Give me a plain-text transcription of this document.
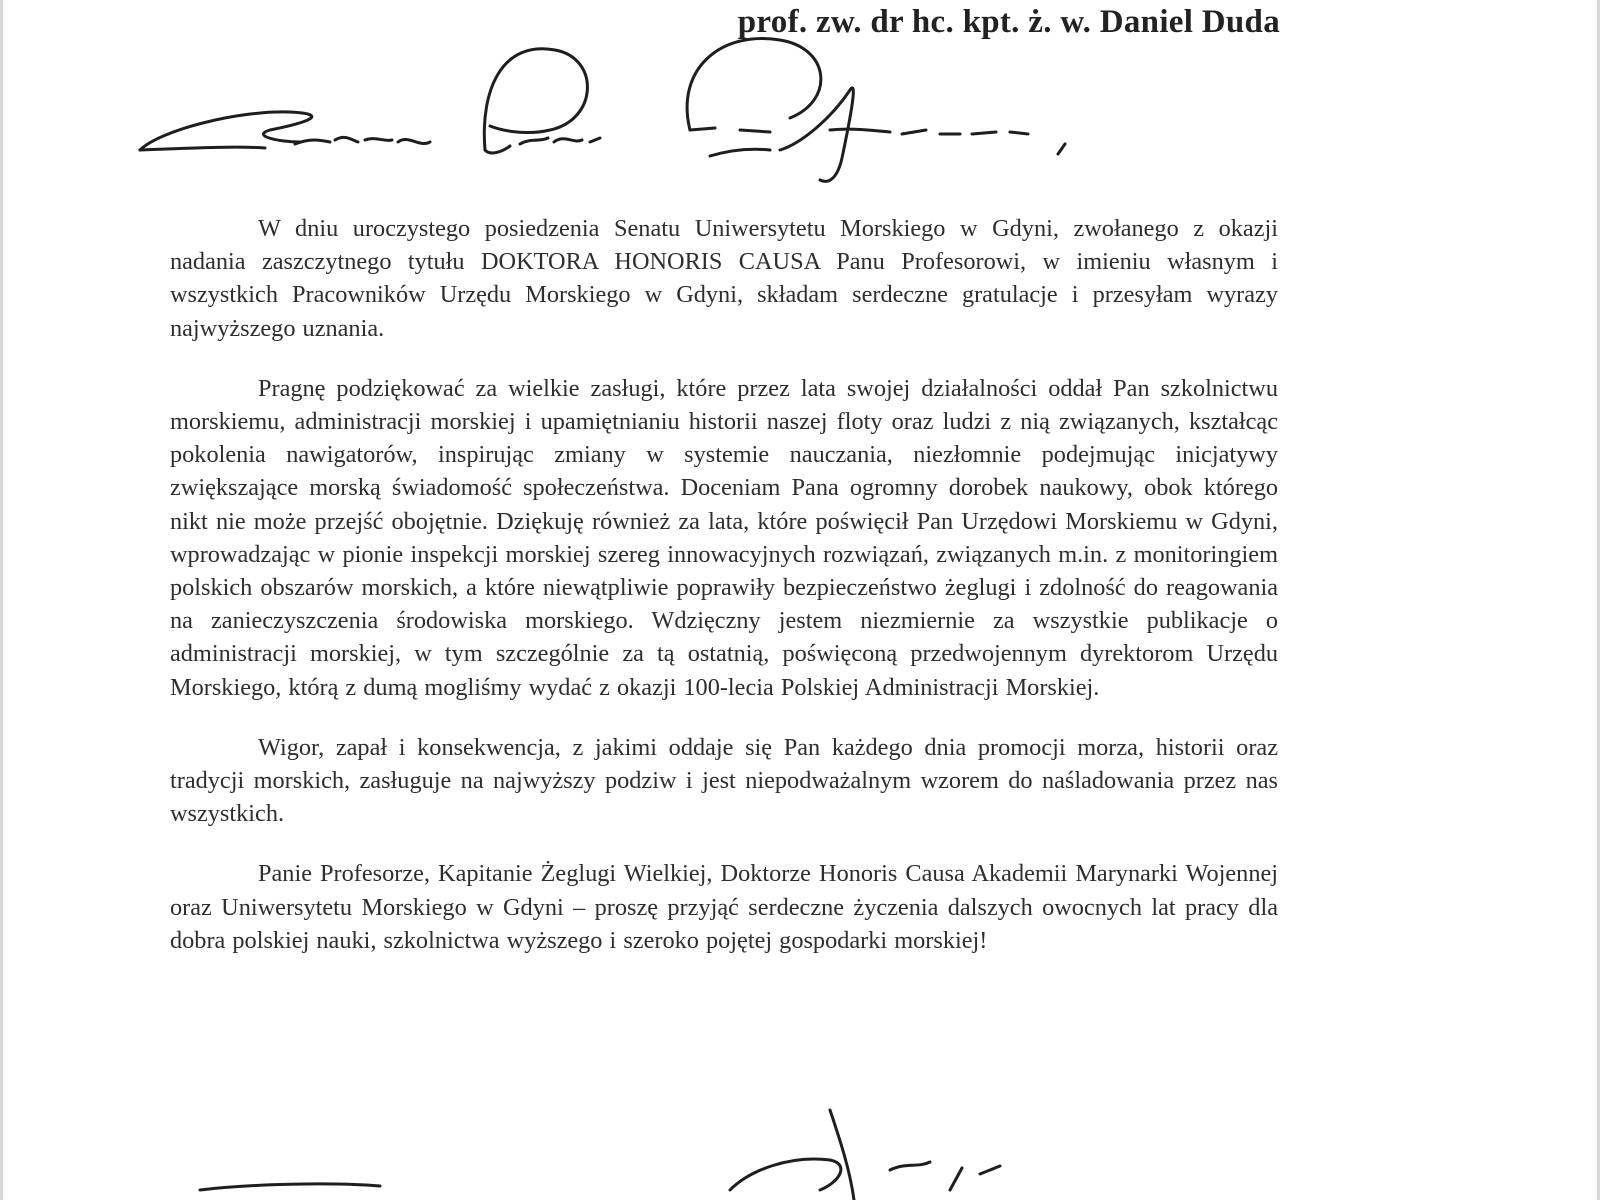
prof. zw. dr hc. kpt. ż. w. Daniel Duda

W dniu uroczystego posiedzenia Senatu Uniwersytetu Morskiego w Gdyni, zwołanego z okazji nadania zaszczytnego tytułu DOKTORA HONORIS CAUSA Panu Profesorowi, w imieniu własnym i wszystkich Pracowników Urzędu Morskiego w Gdyni, składam serdeczne gratulacje i przesyłam wyrazy najwyższego uznania.

Pragnę podziękować za wielkie zasługi, które przez lata swojej działalności oddał Pan szkolnictwu morskiemu, administracji morskiej i upamiętnianiu historii naszej floty oraz ludzi z nią związanych, kształcąc pokolenia nawigatorów, inspirując zmiany w systemie nauczania, niezłomnie podejmując inicjatywy zwiększające morską świadomość społeczeństwa. Doceniam Pana ogromny dorobek naukowy, obok którego nikt nie może przejść obojętnie. Dziękuję również za lata, które poświęcił Pan Urzędowi Morskiemu w Gdyni, wprowadzając w pionie inspekcji morskiej szereg innowacyjnych rozwiązań, związanych m.in. z monitoringiem polskich obszarów morskich, a które niewątpliwie poprawiły bezpieczeństwo żeglugi i zdolność do reagowania na zanieczyszczenia środowiska morskiego. Wdzięczny jestem niezmiernie za wszystkie publikacje o administracji morskiej, w tym szczególnie za tą ostatnią, poświęconą przedwojennym dyrektorom Urzędu Morskiego, którą z dumą mogliśmy wydać z okazji 100-lecia Polskiej Administracji Morskiej.

Wigor, zapał i konsekwencja, z jakimi oddaje się Pan każdego dnia promocji morza, historii oraz tradycji morskich, zasługuje na najwyższy podziw i jest niepodważalnym wzorem do naśladowania przez nas wszystkich.

Panie Profesorze, Kapitanie Żeglugi Wielkiej, Doktorze Honoris Causa Akademii Marynarki Wojennej oraz Uniwersytetu Morskiego w Gdyni – proszę przyjąć serdeczne życzenia dalszych owocnych lat pracy dla dobra polskiej nauki, szkolnictwa wyższego i szeroko pojętej gospodarki morskiej!
